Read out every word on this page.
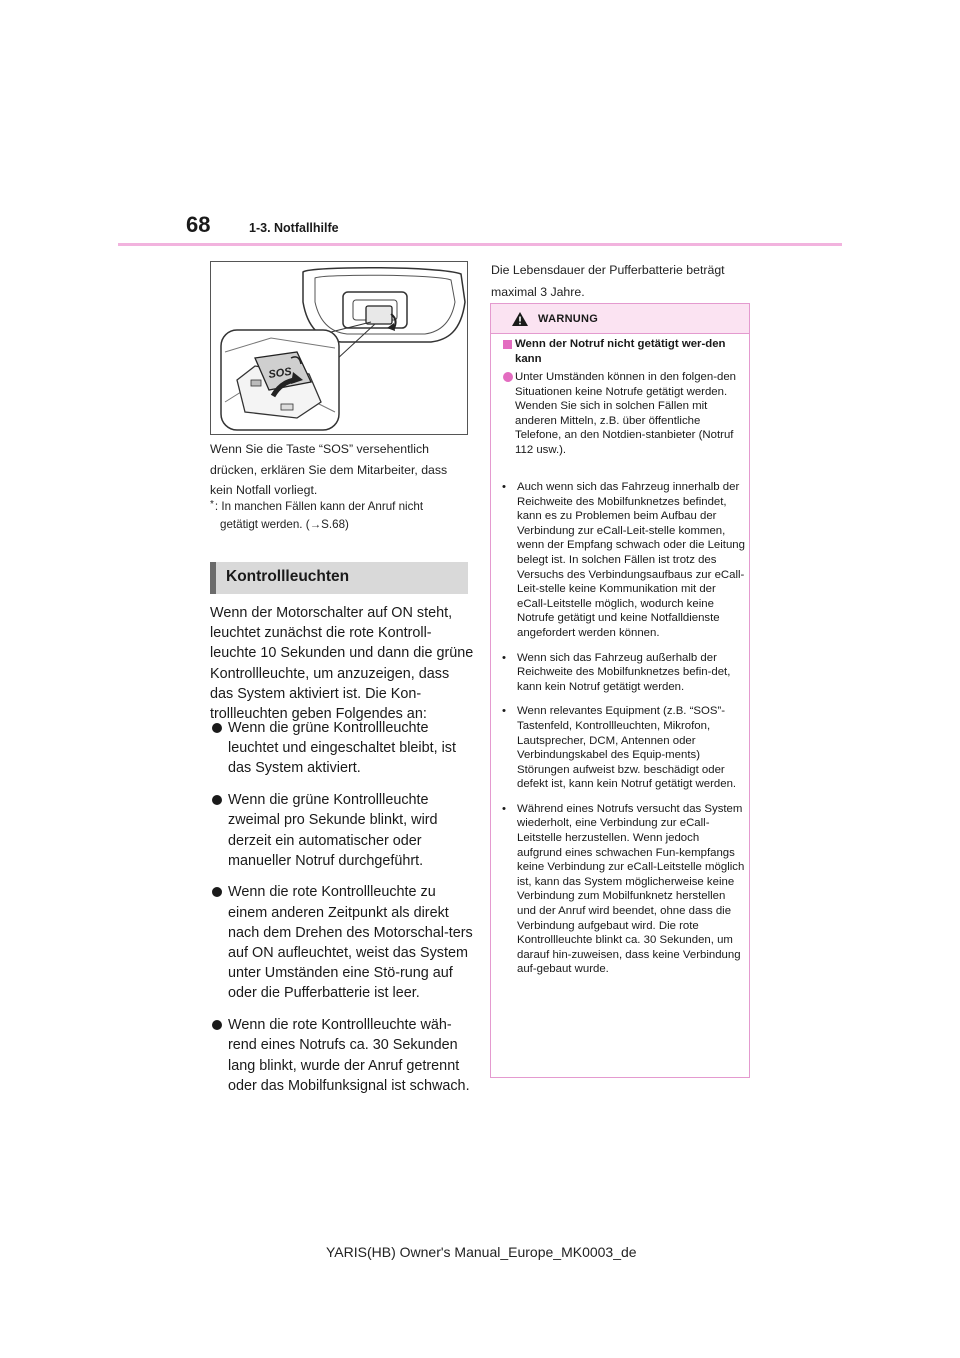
68	1-3. Notfallhilfe
SOS
Wenn Sie die Taste “SOS” versehentlich
drücken, erklären Sie dem Mitarbeiter, dass
kein Notfall vorliegt.
*: In manchen Fällen kann der Anruf nicht
getätigt werden. (→S.68)
Kontrollleuchten

Wenn der Motorschalter auf ON steht, leuchtet zunächst die rote Kontroll-leuchte 10 Sekunden und dann die grüne Kontrollleuchte, um anzuzeigen, dass das System aktiviert ist. Die Kon-trollleuchten geben Folgendes an:

Wenn die grüne Kontrollleuchte leuchtet und eingeschaltet bleibt, ist das System aktiviert.
Wenn die grüne Kontrollleuchte zweimal pro Sekunde blinkt, wird derzeit ein automatischer oder manueller Notruf durchgeführt.
Wenn die rote Kontrollleuchte zu einem anderen Zeitpunkt als direkt nach dem Drehen des Motorschal-ters auf ON aufleuchtet, weist das System unter Umständen eine Stö-rung auf oder die Pufferbatterie ist leer.
Wenn die rote Kontrollleuchte wäh-rend eines Notrufs ca. 30 Sekunden lang blinkt, wurde der Anruf getrennt oder das Mobilfunksignal ist schwach.
Die Lebensdauer der Pufferbatterie beträgt
maximal 3 Jahre.
WARNUNG
Wenn der Notruf nicht getätigt wer-den kann
Unter Umständen können in den folgen-den Situationen keine Notrufe getätigt werden. Wenden Sie sich in solchen Fällen mit anderen Mitteln, z.B. über öffentliche Telefone, an den Notdien-stanbieter (Notruf 112 usw.).
• Auch wenn sich das Fahrzeug innerhalb der Reichweite des Mobilfunknetzes befindet, kann es zu Problemen beim Aufbau der Verbindung zur eCall-Leit-stelle kommen, wenn der Empfang schwach oder die Leitung belegt ist. In solchen Fällen ist trotz des Versuchs des Verbindungsaufbaus zur eCall-Leit-stelle keine Kommunikation mit der eCall-Leitstelle möglich, wodurch keine Notrufe getätigt und keine Notfalldienste angefordert werden können.
• Wenn sich das Fahrzeug außerhalb der Reichweite des Mobilfunknetzes befin-det, kann kein Notruf getätigt werden.
• Wenn relevantes Equipment (z.B. “SOS”-Tastenfeld, Kontrollleuchten, Mikrofon, Lautsprecher, DCM, Antennen oder Verbindungskabel des Equip-ments) Störungen aufweist bzw. beschädigt oder defekt ist, kann kein Notruf getätigt werden.
• Während eines Notrufs versucht das System wiederholt, eine Verbindung zur eCall-Leitstelle herzustellen. Wenn jedoch aufgrund eines schwachen Fun-kempfangs keine Verbindung zur eCall-Leitstelle möglich ist, kann das System möglicherweise keine Verbindung zum Mobilfunknetz herstellen und der Anruf wird beendet, ohne dass die Verbindung aufgebaut wird. Die rote Kontrollleuchte blinkt ca. 30 Sekunden, um darauf hin-zuweisen, dass keine Verbindung auf-gebaut wurde.
YARIS(HB) Owner's Manual_Europe_MK0003_de
